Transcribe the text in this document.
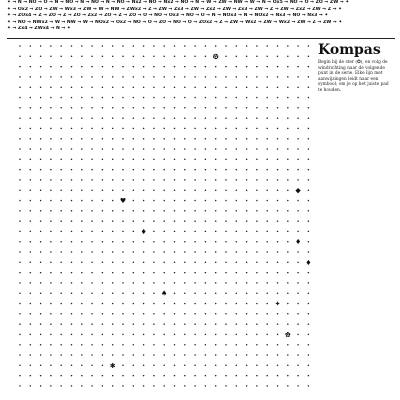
✦ → N → NO → O → N → NO → N → NO → N → NO → Nx2 → NO → Nx2 → NO → N → W → ZW → NW → W → N → Ox5 → NO → O → ZO → ZW → ✦
✦ → Ox2 → ZO → ZW → Wx3 → ZW → W → NW → ZWx2 → Z → ZW → Zx3 → ZW → Zx2 → ZW → Zx3 → ZW → Z → ZW → Zx2 → ZW → Z → ✦
✦ → ZOx4 → Z → ZO → Z → ZO → Zx2 → ZO → Z → ZO → O → NO → Ox3 → NO → O → N → NOx3 → N → NOx2 → Nx3 → NO → Nx3 → ✦
✦ → NO → NWx2 → W → NW → W → NOx2 → Ox2 → NO → O → ZO → NO → O → ZOx2 → Z → ZW → Wx2 → ZW → Wx2 → ZW → Z → ZW → ✦
✦ → Zx4 → ZWx4 → N → ✦
✪
♥
◆
♦
♦
♦
♠
✦
✿
✱
Kompas

Begin bij de ster (✪), en volg de windrichting naar de volgende punt in de serie. Elke lijn met aanwijzingen leidt naar een symbool; om je op het juiste pad te houden.
